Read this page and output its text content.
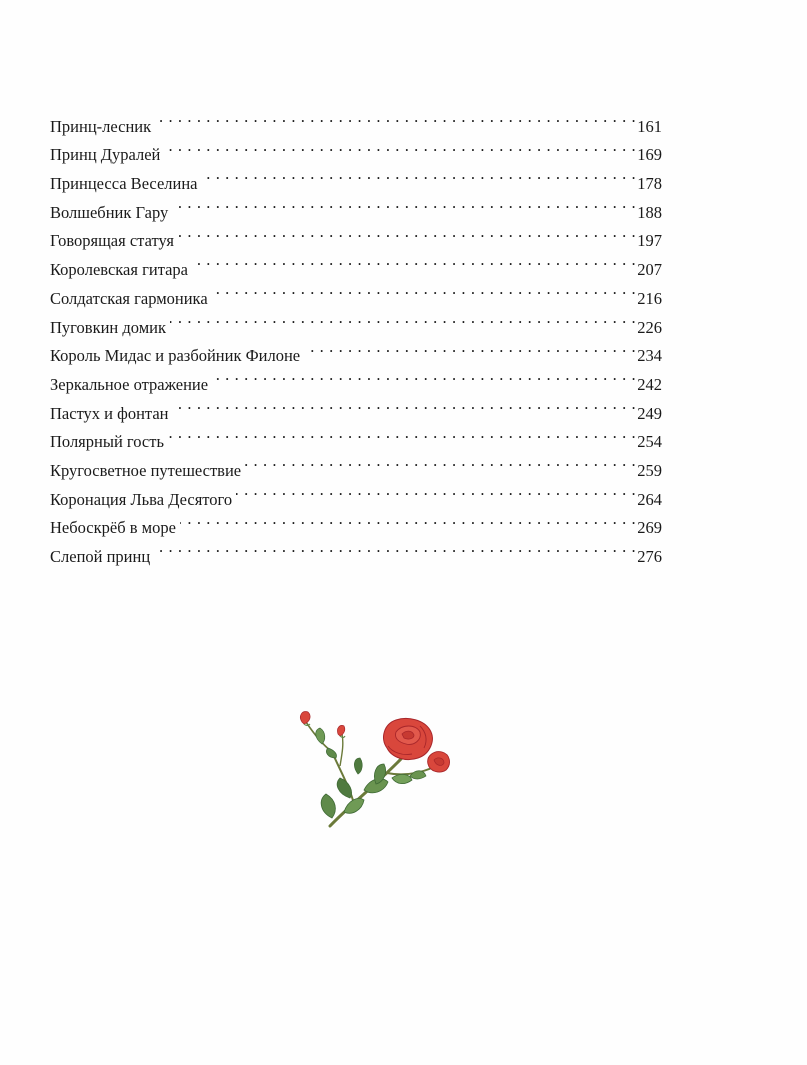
Принц-лесник . . .	161
Принц Дуралей . . .	169
Принцесса Веселина . . .	178
Волшебник Гару . . .	188
Говорящая статуя . . .	197
Королевская гитара . . .	207
Солдатская гармоника . . .	216
Пуговкин домик . . .	226
Король Мидас и разбойник Филоне . . .	234
Зеркальное отражение . . .	242
Пастух и фонтан . . .	249
Полярный гость . . .	254
Кругосветное путешествие . . .	259
Коронация Льва Десятого . . .	264
Небоскрёб в море . . .	269
Слепой принц . . .	276
